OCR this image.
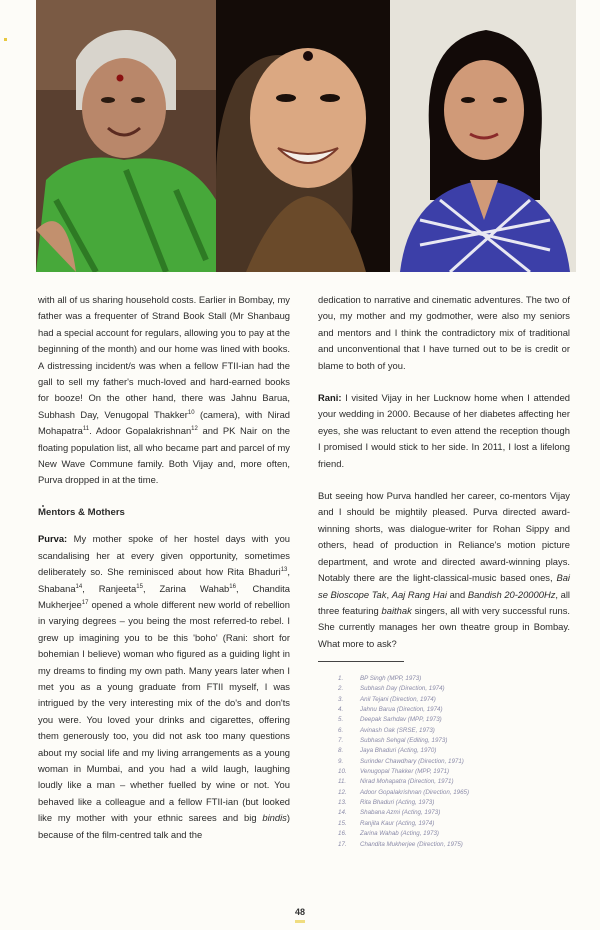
with all of us sharing household costs. Earlier in Bombay, my father was a frequenter of Strand Book Stall (Mr Shanbaug had a special account for regulars, allowing you to pay at the beginning of the month) and our home was lined with books. A distressing incident/s was when a fellow FTII-ian had the gall to sell my father's much-loved and hard-earned books for booze! On the other hand, there was Jahnu Barua, Subhash Day, Venugopal Thakker$^{10}$ (camera), with Nirad Mohapatra$^{11}$. Adoor Gopalakrishnan$^{12}$ and PK Nair on the floating population list, all who became part and parcel of my New Wave Commune family. Both Vijay and, more often, Purva dropped in at the time.

Mentors & Mothers

Purva: My mother spoke of her hostel days with you scandalising her at every given opportunity, sometimes deliberately so. She reminisced about how Rita Bhaduri$^{13}$, Shabana$^{14}$, Ranjeeta$^{15}$, Zarina Wahab$^{16}$, Chandita Mukherjee$^{17}$ opened a whole different new world of rebellion in varying degrees – you being the most referred-to rebel. I grew up imagining you to be this 'boho' (Rani: short for bohemian I believe) woman who figured as a guiding light in my dreams to finding my own path. Many years later when I met you as a young graduate from FTII myself, I was intrigued by the very interesting mix of the do's and don'ts you were. You loved your drinks and cigarettes, offering them generously too, you did not ask too many questions about my social life and my living arrangements as a young woman in Mumbai, and you had a wild laugh, laughing loudly like a man – whether fuelled by wine or not. You behaved like a colleague and a fellow FTII-ian (but looked like my mother with your ethnic sarees and big bindis) because of the film-centred talk and the

dedication to narrative and cinematic adventures. The two of you, my mother and my godmother, were also my seniors and mentors and I think the contradictory mix of traditional and unconventional that I have turned out to be is credit or blame to both of you.

Rani: I visited Vijay in her Lucknow home when I attended your wedding in 2000. Because of her diabetes affecting her eyes, she was reluctant to even attend the reception though I promised I would stick to her side. In 2011, I lost a lifelong friend.

But seeing how Purva handled her career, co-mentors Vijay and I should be mightily pleased. Purva directed award-winning shorts, was dialogue-writer for Rohan Sippy and others, head of production in Reliance's motion picture department, and wrote and directed award-winning plays. Notably there are the light-classical-music based ones, Bai se Bioscope Tak, Aaj Rang Hai and Bandish 20-20000Hz, all three featuring baithak singers, all with very successful runs. She currently manages her own theatre group in Bombay. What more to ask?

1.	BP Singh (MPP, 1973)
2.	Subhash Day (Direction, 1974)
3.	Anil Tejani (Direction, 1974)
4.	Jahnu Barua (Direction, 1974)
5.	Deepak Sarhdav (MPP, 1973)
6.	Avinash Oak (SRSE, 1973)
7.	Subhash Sehgal (Editing, 1973)
8.	Jaya Bhaduri (Acting, 1970)
9.	Surinder Chawdhary (Direction, 1971)
10.	Venugopal Thakker (MPP, 1971)
11.	Nirad Mohapatra (Direction, 1971)
12.	Adoor Gopalakrishnan (Direction, 1965)
13.	Rita Bhaduri (Acting, 1973)
14.	Shabana Azmi (Acting, 1973)
15.	Ranjita Kaur (Acting, 1974)
16.	Zarina Wahab (Acting, 1973)
17.	Chandita Mukherjee (Direction, 1975)
48
